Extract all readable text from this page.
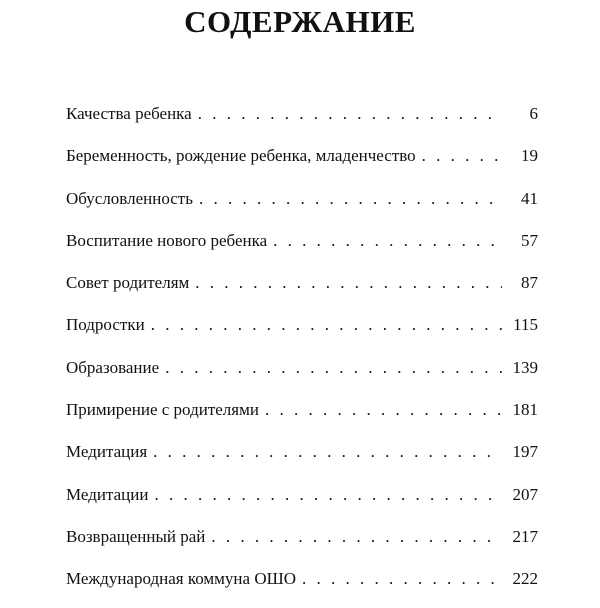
СОДЕРЖАНИЕ
Качества ребенка . . .	6
Беременность, рождение ребенка, младенчество . . .	19
Обусловленность . . .	41
Воспитание нового ребенка . . .	57
Совет родителям . . .	87
Подростки . . .	115
Образование . . .	139
Примирение с родителями . . .	181
Медитация . . .	197
Медитации . . .	207
Возвращенный рай . . .	217
Международная коммуна ОШО . . .	222
